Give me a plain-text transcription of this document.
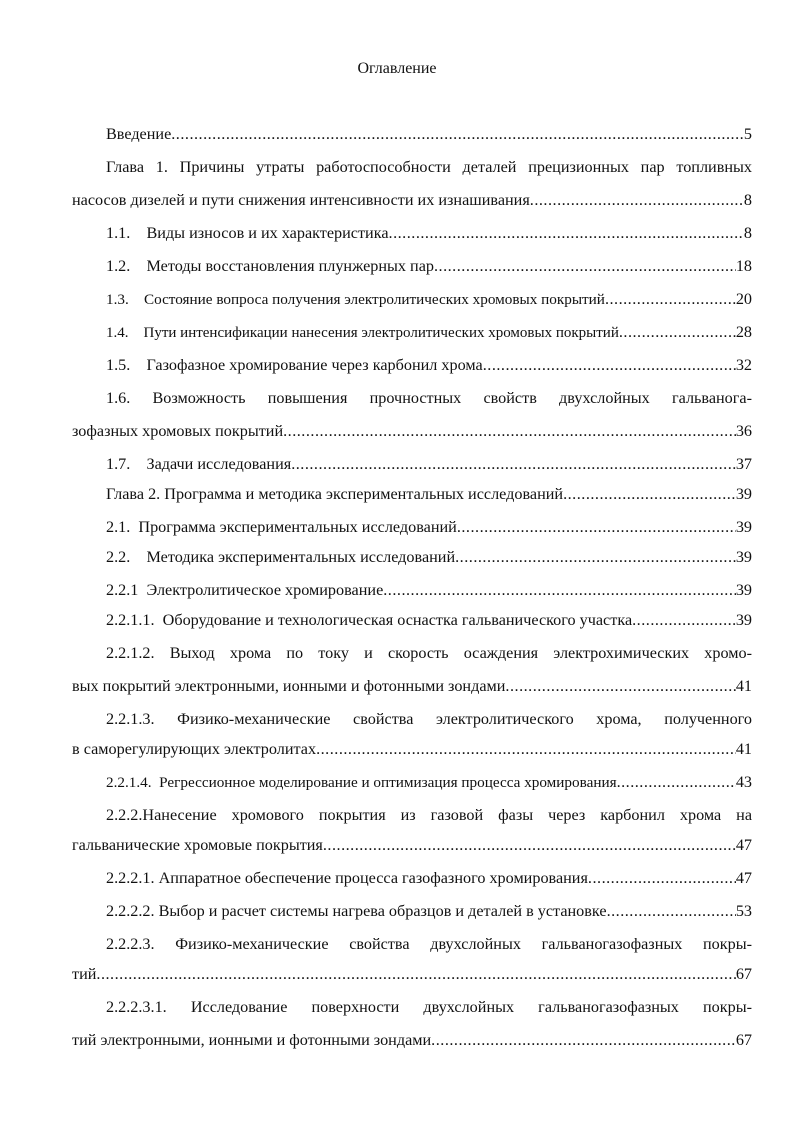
Оглавление
Введение .....	5
Глава 1. Причины утраты работоспособности деталей прецизионных пар топливных
насосов дизелей и пути снижения интенсивности их изнашивания .....	8
1.1.    Виды износов и их характеристика .....	8
1.2.    Методы восстановления плунжерных пар .....	18
1.3.    Состояние вопроса получения электролитических хромовых покрытий .....	20
1.4.    Пути интенсификации нанесения электролитических хромовых покрытий .....	28
1.5.    Газофазное хромирование через карбонил хрома .....	32
1.6. Возможность повышения прочностных свойств двухслойных гальванога-
зофазных хромовых покрытий .....	36
1.7.    Задачи исследования .....	37
Глава 2. Программа и методика экспериментальных исследований .....	39
2.1.  Программа экспериментальных исследований .....	39
2.2.    Методика экспериментальных исследований .....	39
2.2.1  Электролитическое хромирование .....	39
2.2.1.1.  Оборудование и технологическая оснастка гальванического участка .....	39
2.2.1.2. Выход хрома по току и скорость осаждения электрохимических хромо-
вых покрытий электронными, ионными и фотонными зондами .....	41
2.2.1.3. Физико-механические свойства электролитического хрома, полученного
в саморегулирующих электролитах .....	41
2.2.1.4.  Регрессионное моделирование и оптимизация процесса хромирования .....	43
2.2.2.Нанесение хромового покрытия из газовой фазы через карбонил хрома на
гальванические хромовые покрытия .....	47
2.2.2.1. Аппаратное обеспечение процесса газофазного хромирования .....	47
2.2.2.2. Выбор и расчет системы нагрева образцов и деталей в установке .....	53
2.2.2.3. Физико-механические свойства двухслойных гальваногазофазных покры-
тий .....	67
2.2.2.3.1. Исследование поверхности двухслойных гальваногазофазных покры-
тий электронными, ионными и фотонными зондами .....	67
